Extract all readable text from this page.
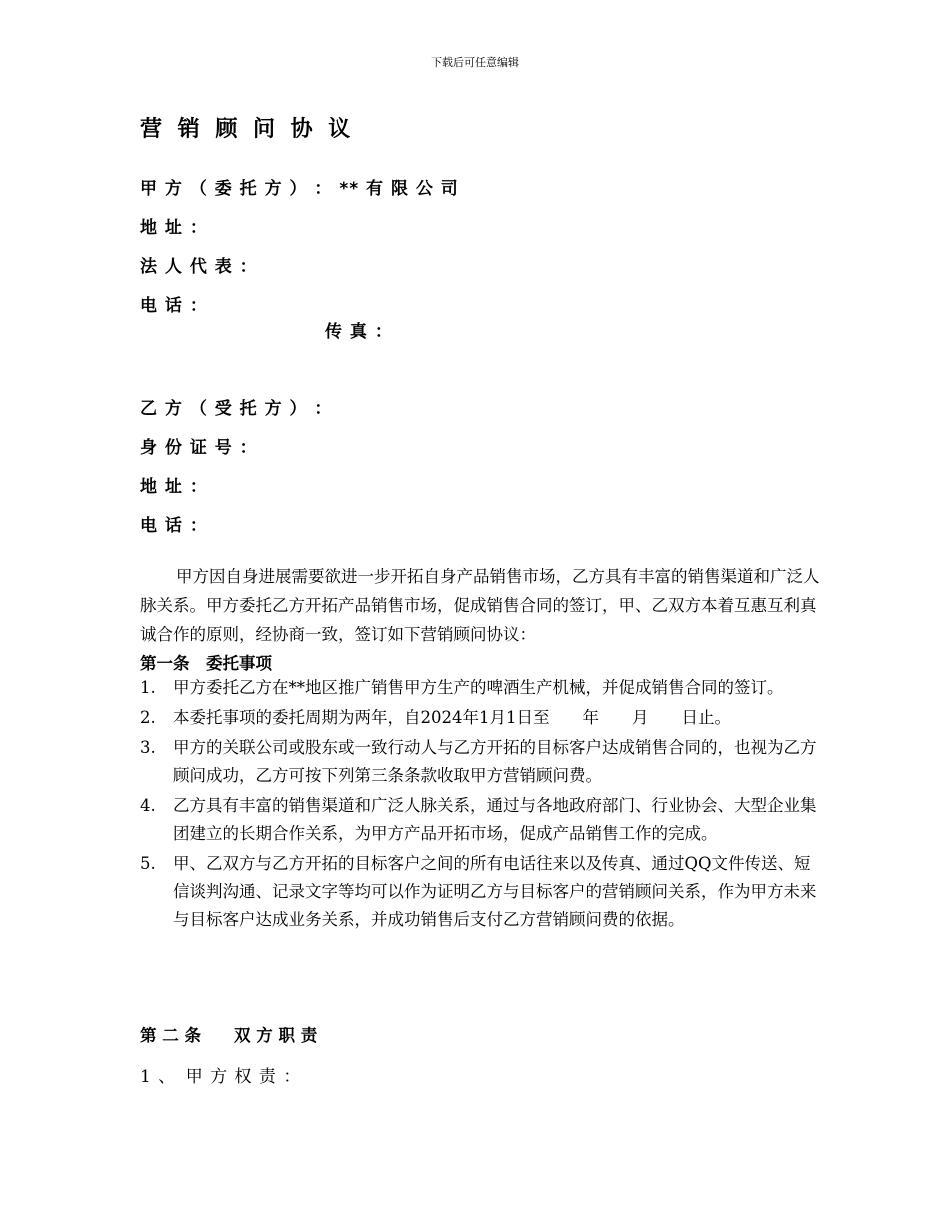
下载后可任意编辑
营 销 顾 问 协 议
甲 方 （ 委 托 方 ） ： ** 有 限 公 司
地 址 ：
法 人 代 表 ：
电 话 ：
传 真 ：
乙 方 （ 受 托 方 ） ：
身 份 证 号 ：
地 址 ：
电 话 ：
甲方因自身进展需要欲进一步开拓自身产品销售市场，乙方具有丰富的销售渠道和广泛人脉关系。甲方委托乙方开拓产品销售市场，促成销售合同的签订，甲、乙双方本着互惠互利真诚合作的原则，经协商一致，签订如下营销顾问协议：
第一条　委托事项
1. 甲方委托乙方在**地区推广销售甲方生产的啤酒生产机械，并促成销售合同的签订。
2. 本委托事项的委托周期为两年，自2024年1月1日至　　年　　月　　日止。
3. 甲方的关联公司或股东或一致行动人与乙方开拓的目标客户达成销售合同的，也视为乙方顾问成功，乙方可按下列第三条条款收取甲方营销顾问费。
4. 乙方具有丰富的销售渠道和广泛人脉关系，通过与各地政府部门、行业协会、大型企业集团建立的长期合作关系，为甲方产品开拓市场，促成产品销售工作的完成。
5. 甲、乙双方与乙方开拓的目标客户之间的所有电话往来以及传真、通过QQ文件传送、短信谈判沟通、记录文字等均可以作为证明乙方与目标客户的营销顾问关系，作为甲方未来与目标客户达成业务关系，并成功销售后支付乙方营销顾问费的依据。
第 二 条　　双 方 职 责
1 、　甲 方 权 责 ：
